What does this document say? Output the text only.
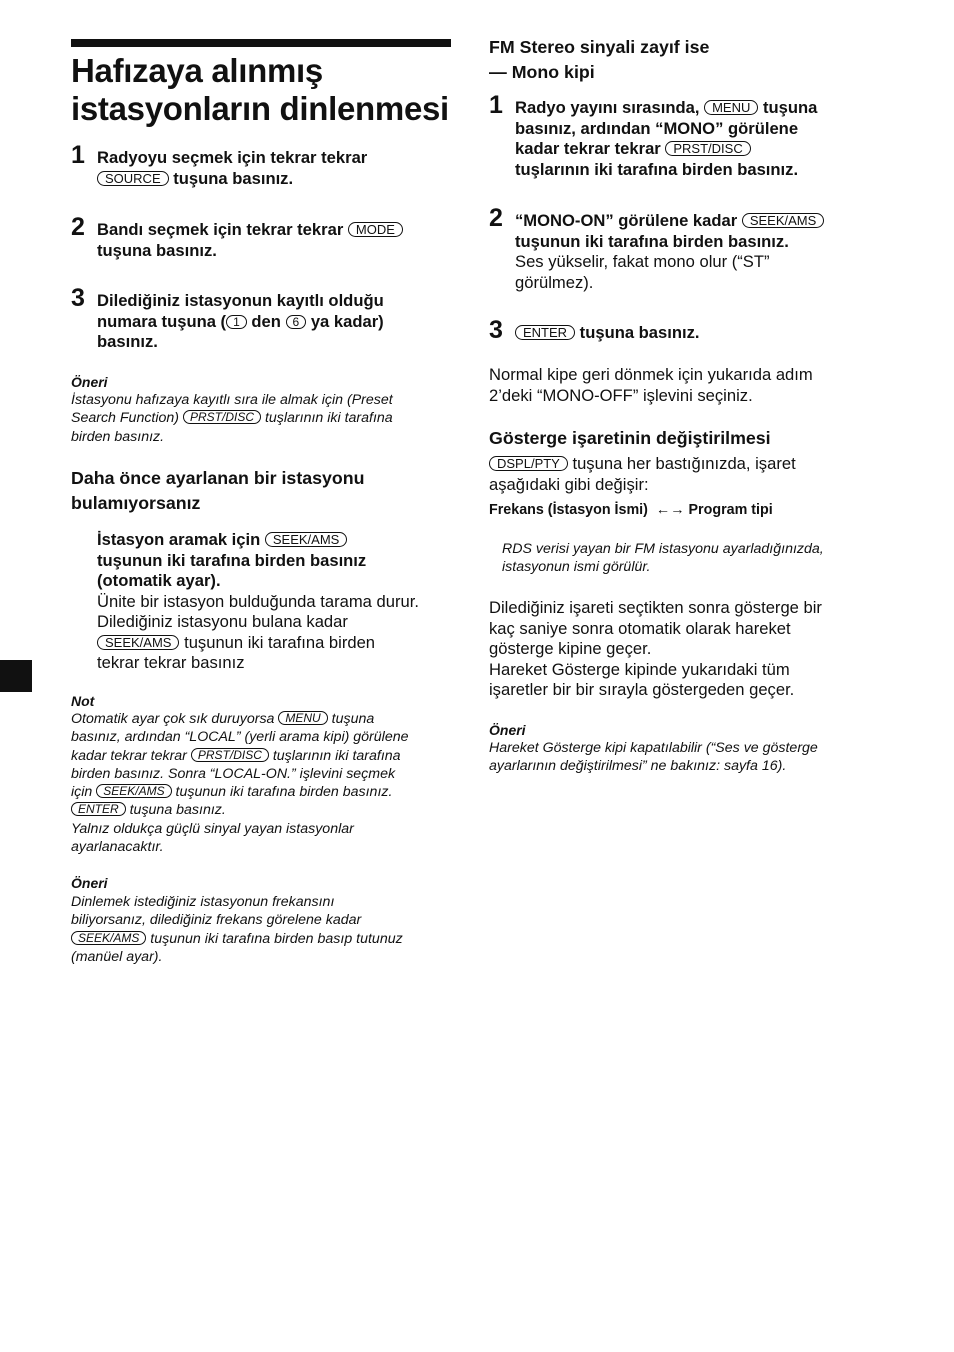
Hafızaya alınmış
istasyonların dinlenmesi
1 Radyoyu seçmek için tekrar tekrar
SOURCE tuşuna basınız.
2 Bandı seçmek için tekrar tekrar MODE
tuşuna basınız.
3 Dilediğiniz istasyonun kayıtlı olduğu
numara tuşuna ( 1 den 6 ya kadar)
basınız.
Öneri
İstasyonu hafızaya kayıtlı sıra ile almak için (Preset
Search Function) PRST/DISC tuşlarının iki tarafına
birden basınız.
Daha önce ayarlanan bir istasyonu
bulamıyorsanız
İstasyon aramak için SEEK/AMS
tuşunun iki tarafına birden basınız
(otomatik ayar).
Ünite bir istasyon bulduğunda tarama durur.
Dilediğiniz istasyonu bulana kadar
SEEK/AMS tuşunun iki tarafına birden
tekrar tekrar basınız
Not
Otomatik ayar çok sık duruyorsa MENU tuşuna
basınız, ardından “LOCAL” (yerli arama kipi) görülene
kadar tekrar tekrar PRST/DISC tuşlarının iki tarafına
birden basınız. Sonra “LOCAL-ON.” işlevini seçmek
için SEEK/AMS tuşunun iki tarafına birden basınız.
ENTER tuşuna basınız.
Yalnız oldukça güçlü sinyal yayan istasyonlar
ayarlanacaktır.
Öneri
Dinlemek istediğiniz istasyonun frekansını
biliyorsanız, dilediğiniz frekans görelene kadar
SEEK/AMS tuşunun iki tarafına birden basıp tutunuz
(manüel ayar).
FM Stereo sinyali zayıf ise
— Mono kipi
1 Radyo yayını sırasında, MENU tuşuna
basınız, ardından “MONO” görülene
kadar tekrar tekrar PRST/DISC
tuşlarının iki tarafına birden basınız.
2 “MONO-ON” görülene kadar SEEK/AMS
tuşunun iki tarafına birden basınız.
Ses yükselir, fakat mono olur (“ST”
görülmez).
3	ENTER tuşuna basınız.
Normal kipe geri dönmek için yukarıda adım
2’deki “MONO-OFF” işlevini seçiniz.
Gösterge işaretinin değiştirilmesi
DSPL/PTY tuşuna her bastığınızda, işaret
aşağıdaki gibi değişir:
Frekans (İstasyon İsmi) ←→ Program tipi
RDS verisi yayan bir FM istasyonu ayarladığınızda,
istasyonun ismi görülür.
Dilediğiniz işareti seçtikten sonra gösterge bir
kaç saniye sonra otomatik olarak hareket
gösterge kipine geçer.
Hareket Gösterge kipinde yukarıdaki tüm
işaretler bir bir sırayla göstergeden geçer.
Öneri
Hareket Gösterge kipi kapatılabilir (“Ses ve gösterge
ayarlarının değiştirilmesi” ne bakınız: sayfa 16).
